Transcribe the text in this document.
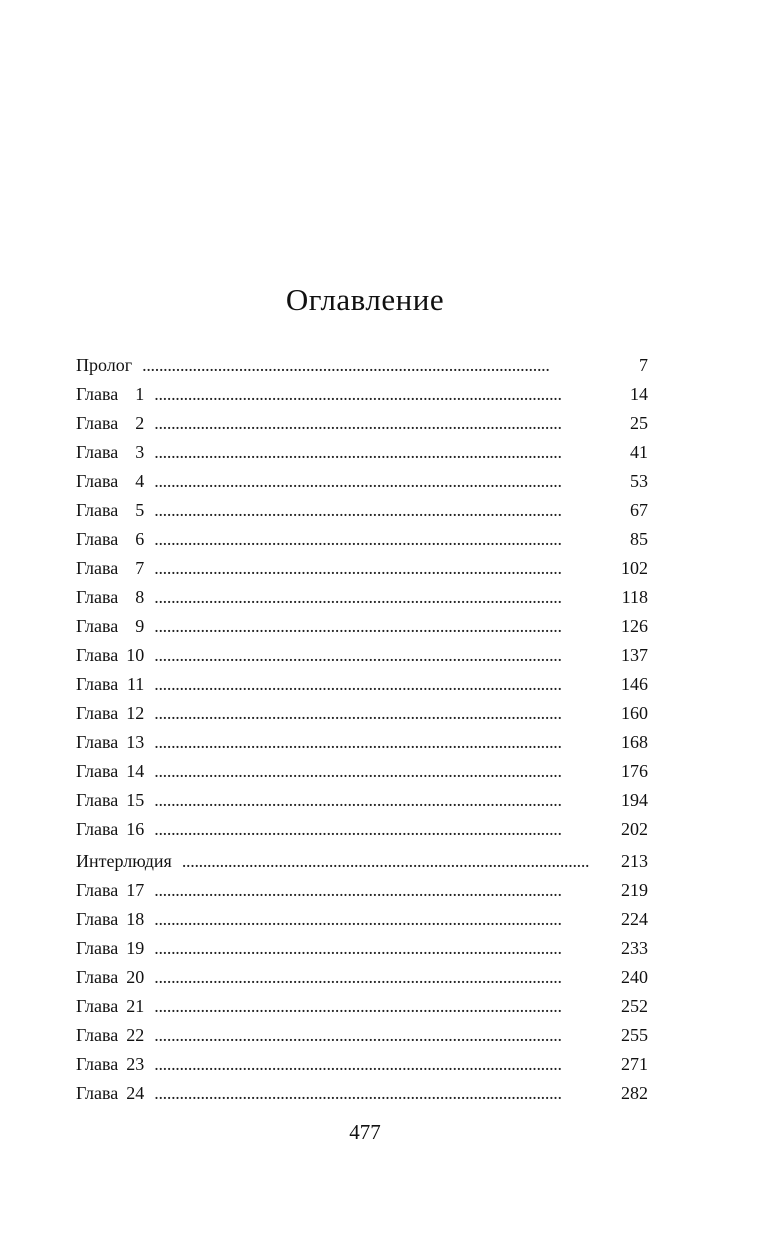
Оглавление
Пролог . . .	7
Глава 1 . . .	14
Глава 2 . . .	25
Глава 3 . . .	41
Глава 4 . . .	53
Глава 5 . . .	67
Глава 6 . . .	85
Глава 7 . . .	102
Глава 8 . . .	118
Глава 9 . . .	126
Глава 10 . . .	137
Глава 11 . . .	146
Глава 12 . . .	160
Глава 13 . . .	168
Глава 14 . . .	176
Глава 15 . . .	194
Глава 16 . . .	202
Интерлюдия . . .	213
Глава 17 . . .	219
Глава 18 . . .	224
Глава 19 . . .	233
Глава 20 . . .	240
Глава 21 . . .	252
Глава 22 . . .	255
Глава 23 . . .	271
Глава 24 . . .	282
477
